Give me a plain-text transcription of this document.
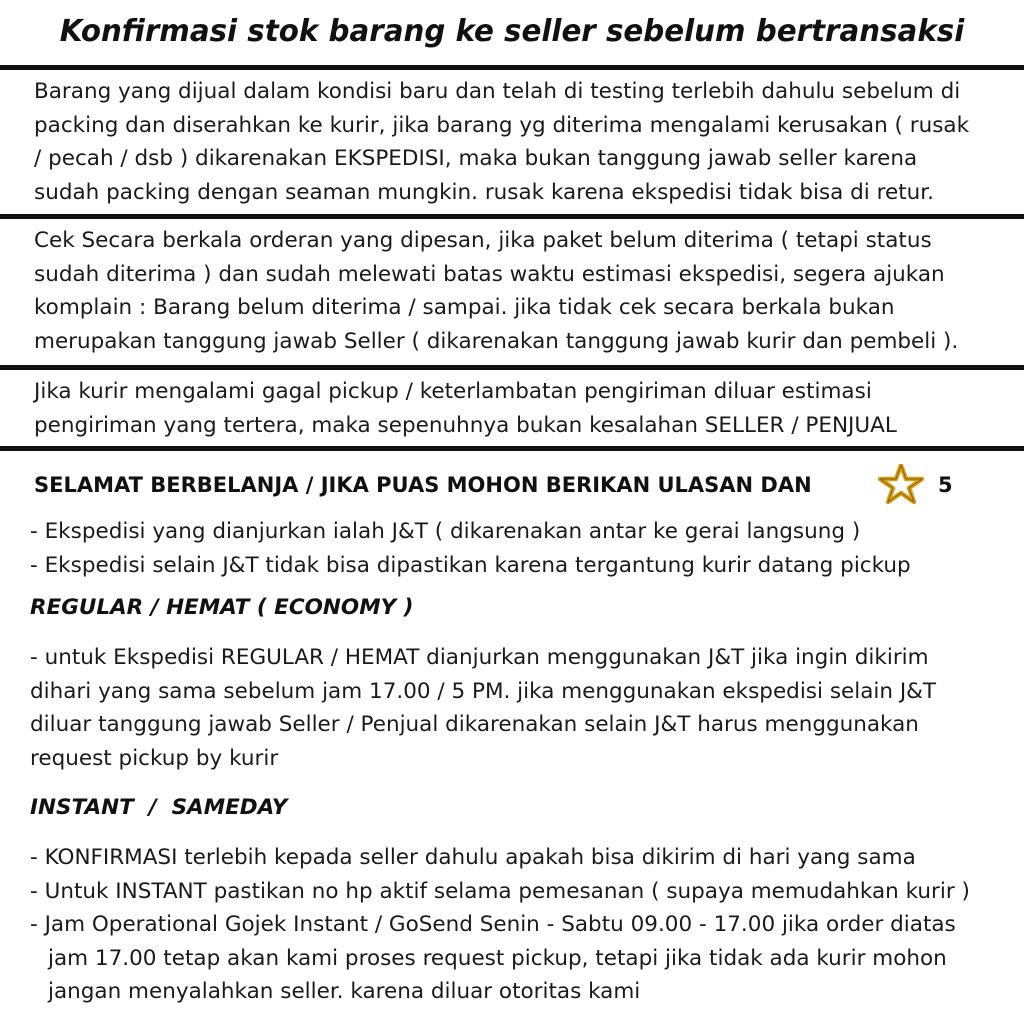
Konfirmasi stok barang ke seller sebelum bertransaksi
Barang yang dijual dalam kondisi baru dan telah di testing terlebih dahulu sebelum di
packing dan diserahkan ke kurir, jika barang yg diterima mengalami kerusakan ( rusak
/ pecah / dsb ) dikarenakan EKSPEDISI, maka bukan tanggung jawab seller karena
sudah packing dengan seaman mungkin. rusak karena ekspedisi tidak bisa di retur.
Cek Secara berkala orderan yang dipesan, jika paket belum diterima ( tetapi status
sudah diterima ) dan sudah melewati batas waktu estimasi ekspedisi, segera ajukan
komplain : Barang belum diterima / sampai. jika tidak cek secara berkala bukan
merupakan tanggung jawab Seller ( dikarenakan tanggung jawab kurir dan pembeli ).
Jika kurir mengalami gagal pickup / keterlambatan pengiriman diluar estimasi
pengiriman yang tertera, maka sepenuhnya bukan kesalahan SELLER / PENJUAL
SELAMAT BERBELANJA / JIKA PUAS MOHON BERIKAN ULASAN DAN	5
- Ekspedisi yang dianjurkan ialah J&T ( dikarenakan antar ke gerai langsung )
- Ekspedisi selain J&T tidak bisa dipastikan karena tergantung kurir datang pickup
REGULAR / HEMAT ( ECONOMY )
- untuk Ekspedisi REGULAR / HEMAT dianjurkan menggunakan J&T jika ingin dikirim
dihari yang sama sebelum jam 17.00 / 5 PM. jika menggunakan ekspedisi selain J&T
diluar tanggung jawab Seller / Penjual dikarenakan selain J&T harus menggunakan
request pickup by kurir
INSTANT  /  SAMEDAY
- KONFIRMASI terlebih kepada seller dahulu apakah bisa dikirim di hari yang sama
- Untuk INSTANT pastikan no hp aktif selama pemesanan ( supaya memudahkan kurir )
- Jam Operational Gojek Instant / GoSend Senin - Sabtu 09.00 - 17.00 jika order diatas
jam 17.00 tetap akan kami proses request pickup, tetapi jika tidak ada kurir mohon
jangan menyalahkan seller. karena diluar otoritas kami
